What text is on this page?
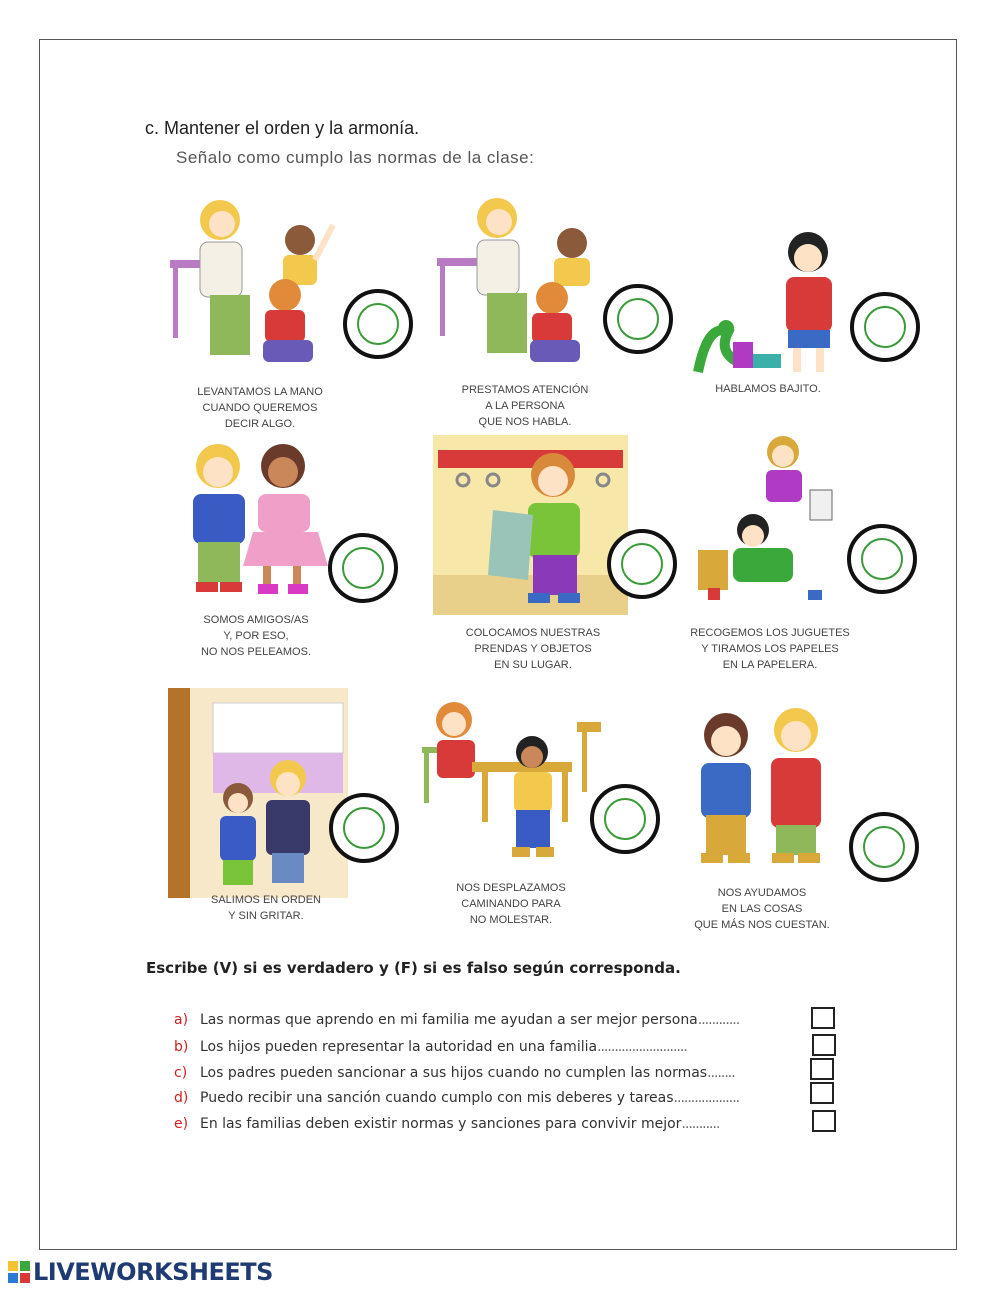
c. Mantener el orden y la armonía.
Señalo como cumplo las normas de la clase:
LEVANTAMOS LA MANO
CUANDO QUEREMOS
DECIR ALGO.
PRESTAMOS ATENCIÓN
A LA PERSONA
QUE NOS HABLA.
HABLAMOS BAJITO.
SOMOS AMIGOS/AS
Y, POR ESO,
NO NOS PELEAMOS.
COLOCAMOS NUESTRAS
PRENDAS Y OBJETOS
EN SU LUGAR.
RECOGEMOS LOS JUGUETES
Y TIRAMOS LOS PAPELES
EN LA PAPELERA.
SALIMOS EN ORDEN
Y SIN GRITAR.
NOS DESPLAZAMOS
CAMINANDO PARA
NO MOLESTAR.
NOS AYUDAMOS
EN LAS COSAS
QUE MÁS NOS CUESTAN.
Escribe (V) si es verdadero y (F) si es falso según corresponda.
a) Las normas que aprendo en mi familia me ayudan a ser mejor persona............
b) Los hijos pueden representar la autoridad en una familia..........................
c) Los padres pueden sancionar a sus hijos cuando no cumplen las normas........
d) Puedo recibir una sanción cuando cumplo con mis deberes y tareas...................
e) En las familias deben existir normas y sanciones para convivir mejor...........
LIVEWORKSHEETS
